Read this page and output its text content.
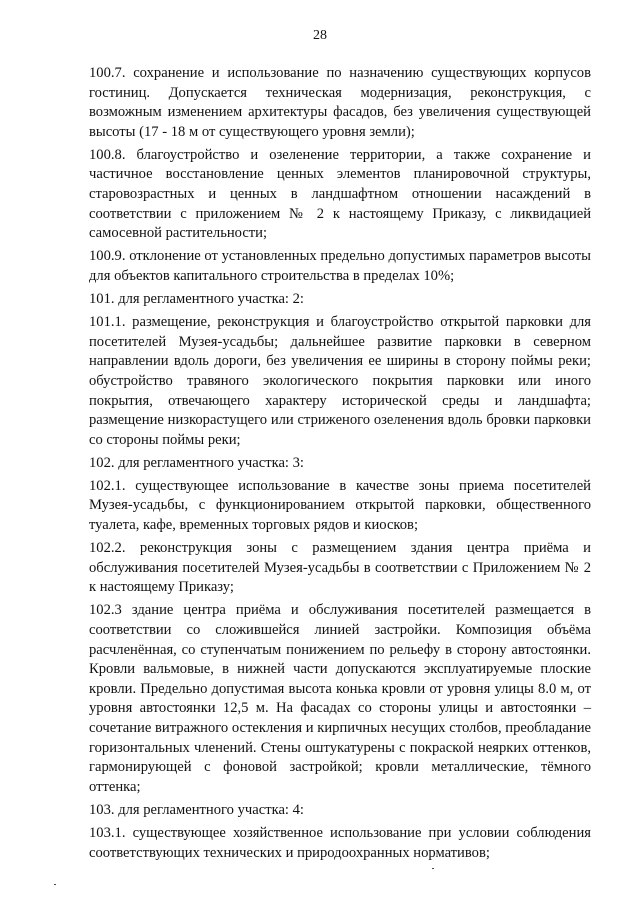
28

100.7. сохранение и использование по назначению существующих корпусов гостиниц. Допускается техническая модернизация, реконструкция, с возможным изменением архитектуры фасадов, без увеличения существующей высоты (17 - 18 м от существующего уровня земли);

100.8. благоустройство и озеленение территории, а также сохранение и частичное восстановление ценных элементов планировочной структуры, старовозрастных и ценных в ландшафтном отношении насаждений в соответствии с приложением № 2 к настоящему Приказу, с ликвидацией самосевной растительности;

100.9. отклонение от установленных предельно допустимых параметров высоты для объектов капитального строительства в пределах 10%;

101. для регламентного участка: 2:

101.1. размещение, реконструкция и благоустройство открытой парковки для посетителей Музея-усадьбы; дальнейшее развитие парковки в северном направлении вдоль дороги, без увеличения ее ширины в сторону поймы реки; обустройство травяного экологического покрытия парковки или иного покрытия, отвечающего характеру исторической среды и ландшафта; размещение низкорастущего или стриженого озеленения вдоль бровки парковки со стороны поймы реки;

102. для регламентного участка: 3:

102.1. существующее использование в качестве зоны приема посетителей Музея-усадьбы, с функционированием открытой парковки, общественного туалета, кафе, временных торговых рядов и киосков;

102.2. реконструкция зоны с размещением здания центра приёма и обслуживания посетителей Музея-усадьбы в соответствии с Приложением № 2 к настоящему Приказу;

102.3 здание центра приёма и обслуживания посетителей размещается в соответствии со сложившейся линией застройки. Композиция объёма расчленённая, со ступенчатым понижением по рельефу в сторону автостоянки. Кровли вальмовые, в нижней части допускаются эксплуатируемые плоские кровли. Предельно допустимая высота конька кровли от уровня улицы 8.0 м, от уровня автостоянки 12,5 м. На фасадах со стороны улицы и автостоянки – сочетание витражного остекления и кирпичных несущих столбов, преобладание горизонтальных членений. Стены оштукатурены с покраской неярких оттенков, гармонирующей с фоновой застройкой; кровли металлические, тёмного оттенка;

103. для регламентного участка: 4:

103.1. существующее хозяйственное использование при условии соблюдения соответствующих технических и природоохранных нормативов;
